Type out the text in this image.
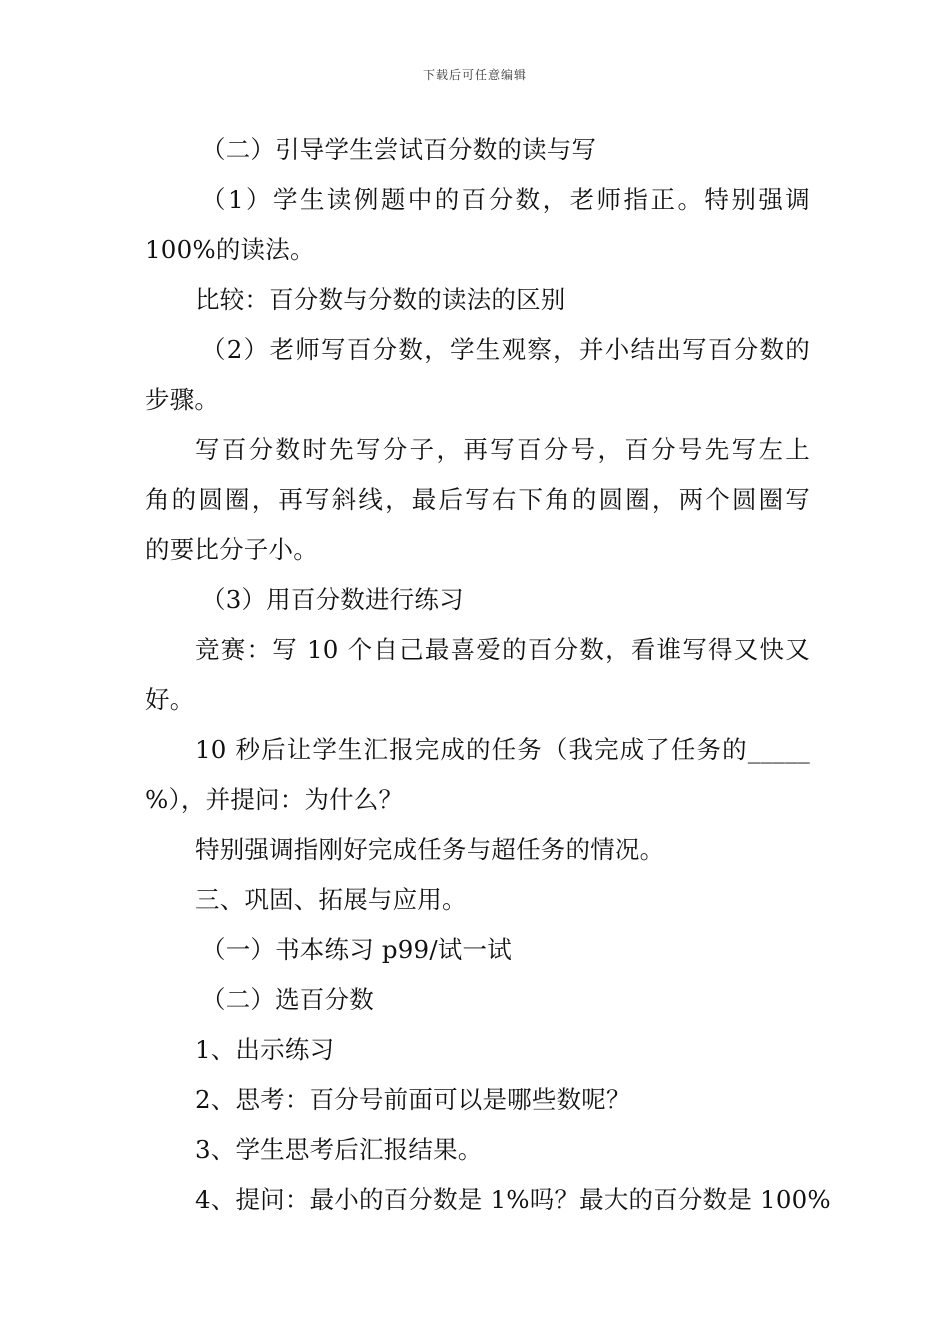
下载后可任意编辑
（二）引导学生尝试百分数的读与写
（1）学生读例题中的百分数，老师指正。特别强调
100%的读法。
比较：百分数与分数的读法的区别
（2）老师写百分数，学生观察，并小结出写百分数的
步骤。
写百分数时先写分子，再写百分号，百分号先写左上
角的圆圈，再写斜线，最后写右下角的圆圈，两个圆圈写
的要比分子小。
（3）用百分数进行练习
竞赛：写 10 个自己最喜爱的百分数，看谁写得又快又
好。
10 秒后让学生汇报完成的任务（我完成了任务的_____
%），并提问：为什么？
特别强调指刚好完成任务与超任务的情况。
三、巩固、拓展与应用。
（一）书本练习 p99/试一试
（二）选百分数
1、出示练习
2、思考：百分号前面可以是哪些数呢？
3、学生思考后汇报结果。
4、提问：最小的百分数是 1%吗？最大的百分数是 100%
